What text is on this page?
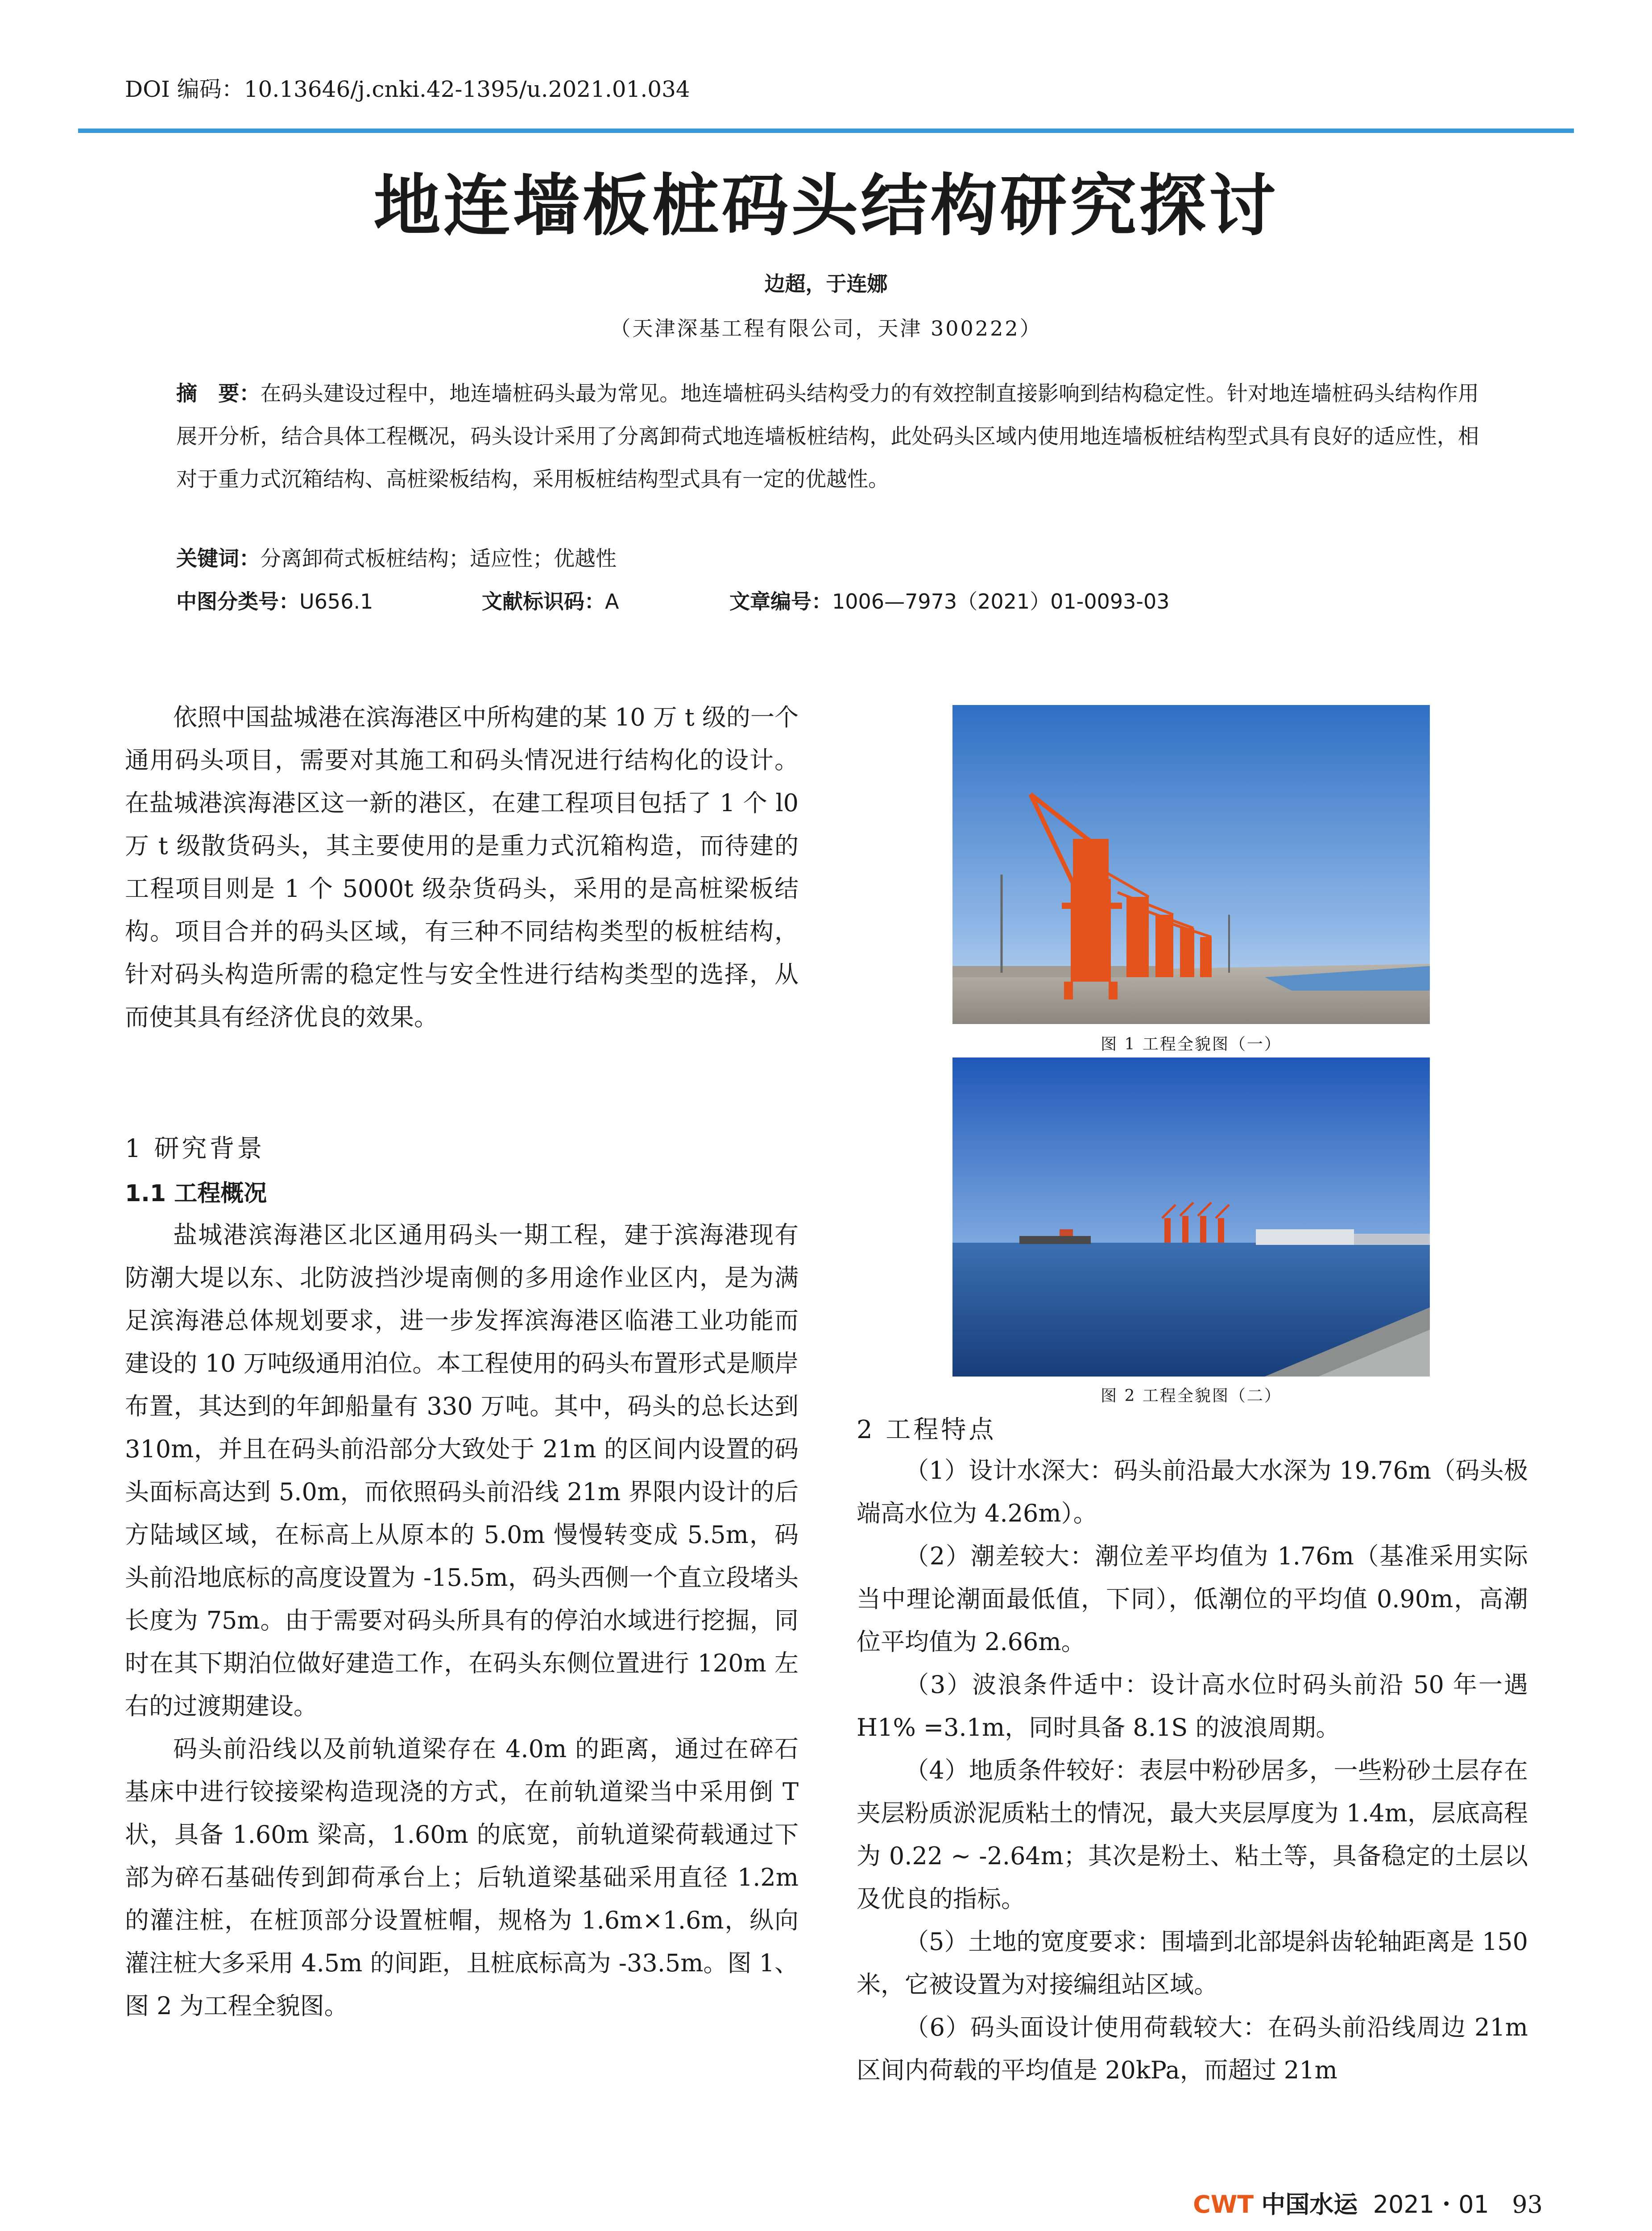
DOI 编码：10.13646/j.cnki.42-1395/u.2021.01.034
地连墙板桩码头结构研究探讨
边超，于连娜
（天津深基工程有限公司，天津 300222）
摘　要：在码头建设过程中，地连墙桩码头最为常见。地连墙桩码头结构受力的有效控制直接影响到结构稳定性。针对地连墙桩码头结构作用展开分析，结合具体工程概况，码头设计采用了分离卸荷式地连墙板桩结构，此处码头区域内使用地连墙板桩结构型式具有良好的适应性，相对于重力式沉箱结构、高桩梁板结构，采用板桩结构型式具有一定的优越性。
关键词：分离卸荷式板桩结构；适应性；优越性
中图分类号：U656.1	文献标识码：A	文章编号：1006—7973（2021）01-0093-03

依照中国盐城港在滨海港区中所构建的某 10 万 t 级的一个通用码头项目，需要对其施工和码头情况进行结构化的设计。在盐城港滨海港区这一新的港区，在建工程项目包括了 1 个 l0 万 t 级散货码头，其主要使用的是重力式沉箱构造，而待建的工程项目则是 1 个 5000t 级杂货码头，采用的是高桩梁板结构。项目合并的码头区域，有三种不同结构类型的板桩结构，针对码头构造所需的稳定性与安全性进行结构类型的选择，从而使其具有经济优良的效果。

1 研究背景
1.1 工程概况

盐城港滨海港区北区通用码头一期工程，建于滨海港现有防潮大堤以东、北防波挡沙堤南侧的多用途作业区内，是为满足滨海港总体规划要求，进一步发挥滨海港区临港工业功能而建设的 10 万吨级通用泊位。本工程使用的码头布置形式是顺岸布置，其达到的年卸船量有 330 万吨。其中，码头的总长达到 310m，并且在码头前沿部分大致处于 21m 的区间内设置的码头面标高达到 5.0m，而依照码头前沿线 21m 界限内设计的后方陆域区域，在标高上从原本的 5.0m 慢慢转变成 5.5m，码头前沿地底标的高度设置为 -15.5m，码头西侧一个直立段堵头长度为 75m。由于需要对码头所具有的停泊水域进行挖掘，同时在其下期泊位做好建造工作，在码头东侧位置进行 120m 左右的过渡期建设。

码头前沿线以及前轨道梁存在 4.0m 的距离，通过在碎石基床中进行铰接梁构造现浇的方式，在前轨道梁当中采用倒 T 状，具备 1.60m 梁高，1.60m 的底宽，前轨道梁荷载通过下部为碎石基础传到卸荷承台上；后轨道梁基础采用直径 1.2m 的灌注桩，在桩顶部分设置桩帽，规格为 1.6m×1.6m，纵向灌注桩大多采用 4.5m 的间距，且桩底标高为 -33.5m。图 1、图 2 为工程全貌图。

图 1 工程全貌图（一）
图 2 工程全貌图（二）
2 工程特点

（1）设计水深大：码头前沿最大水深为 19.76m（码头极端高水位为 4.26m）。

（2）潮差较大：潮位差平均值为 1.76m（基准采用实际当中理论潮面最低值，下同），低潮位的平均值 0.90m，高潮位平均值为 2.66m。

（3）波浪条件适中：设计高水位时码头前沿 50 年一遇 H1% =3.1m，同时具备 8.1S 的波浪周期。

（4）地质条件较好：表层中粉砂居多，一些粉砂土层存在夹层粉质淤泥质粘土的情况，最大夹层厚度为 1.4m，层底高程为 0.22 ~ -2.64m；其次是粉土、粘土等，具备稳定的土层以及优良的指标。

（5）土地的宽度要求：围墙到北部堤斜齿轮轴距离是 150 米，它被设置为对接编组站区域。

（6）码头面设计使用荷载较大：在码头前沿线周边 21m 区间内荷载的平均值是 20kPa，而超过 21m

CWT 中国水运 2021・01 93
